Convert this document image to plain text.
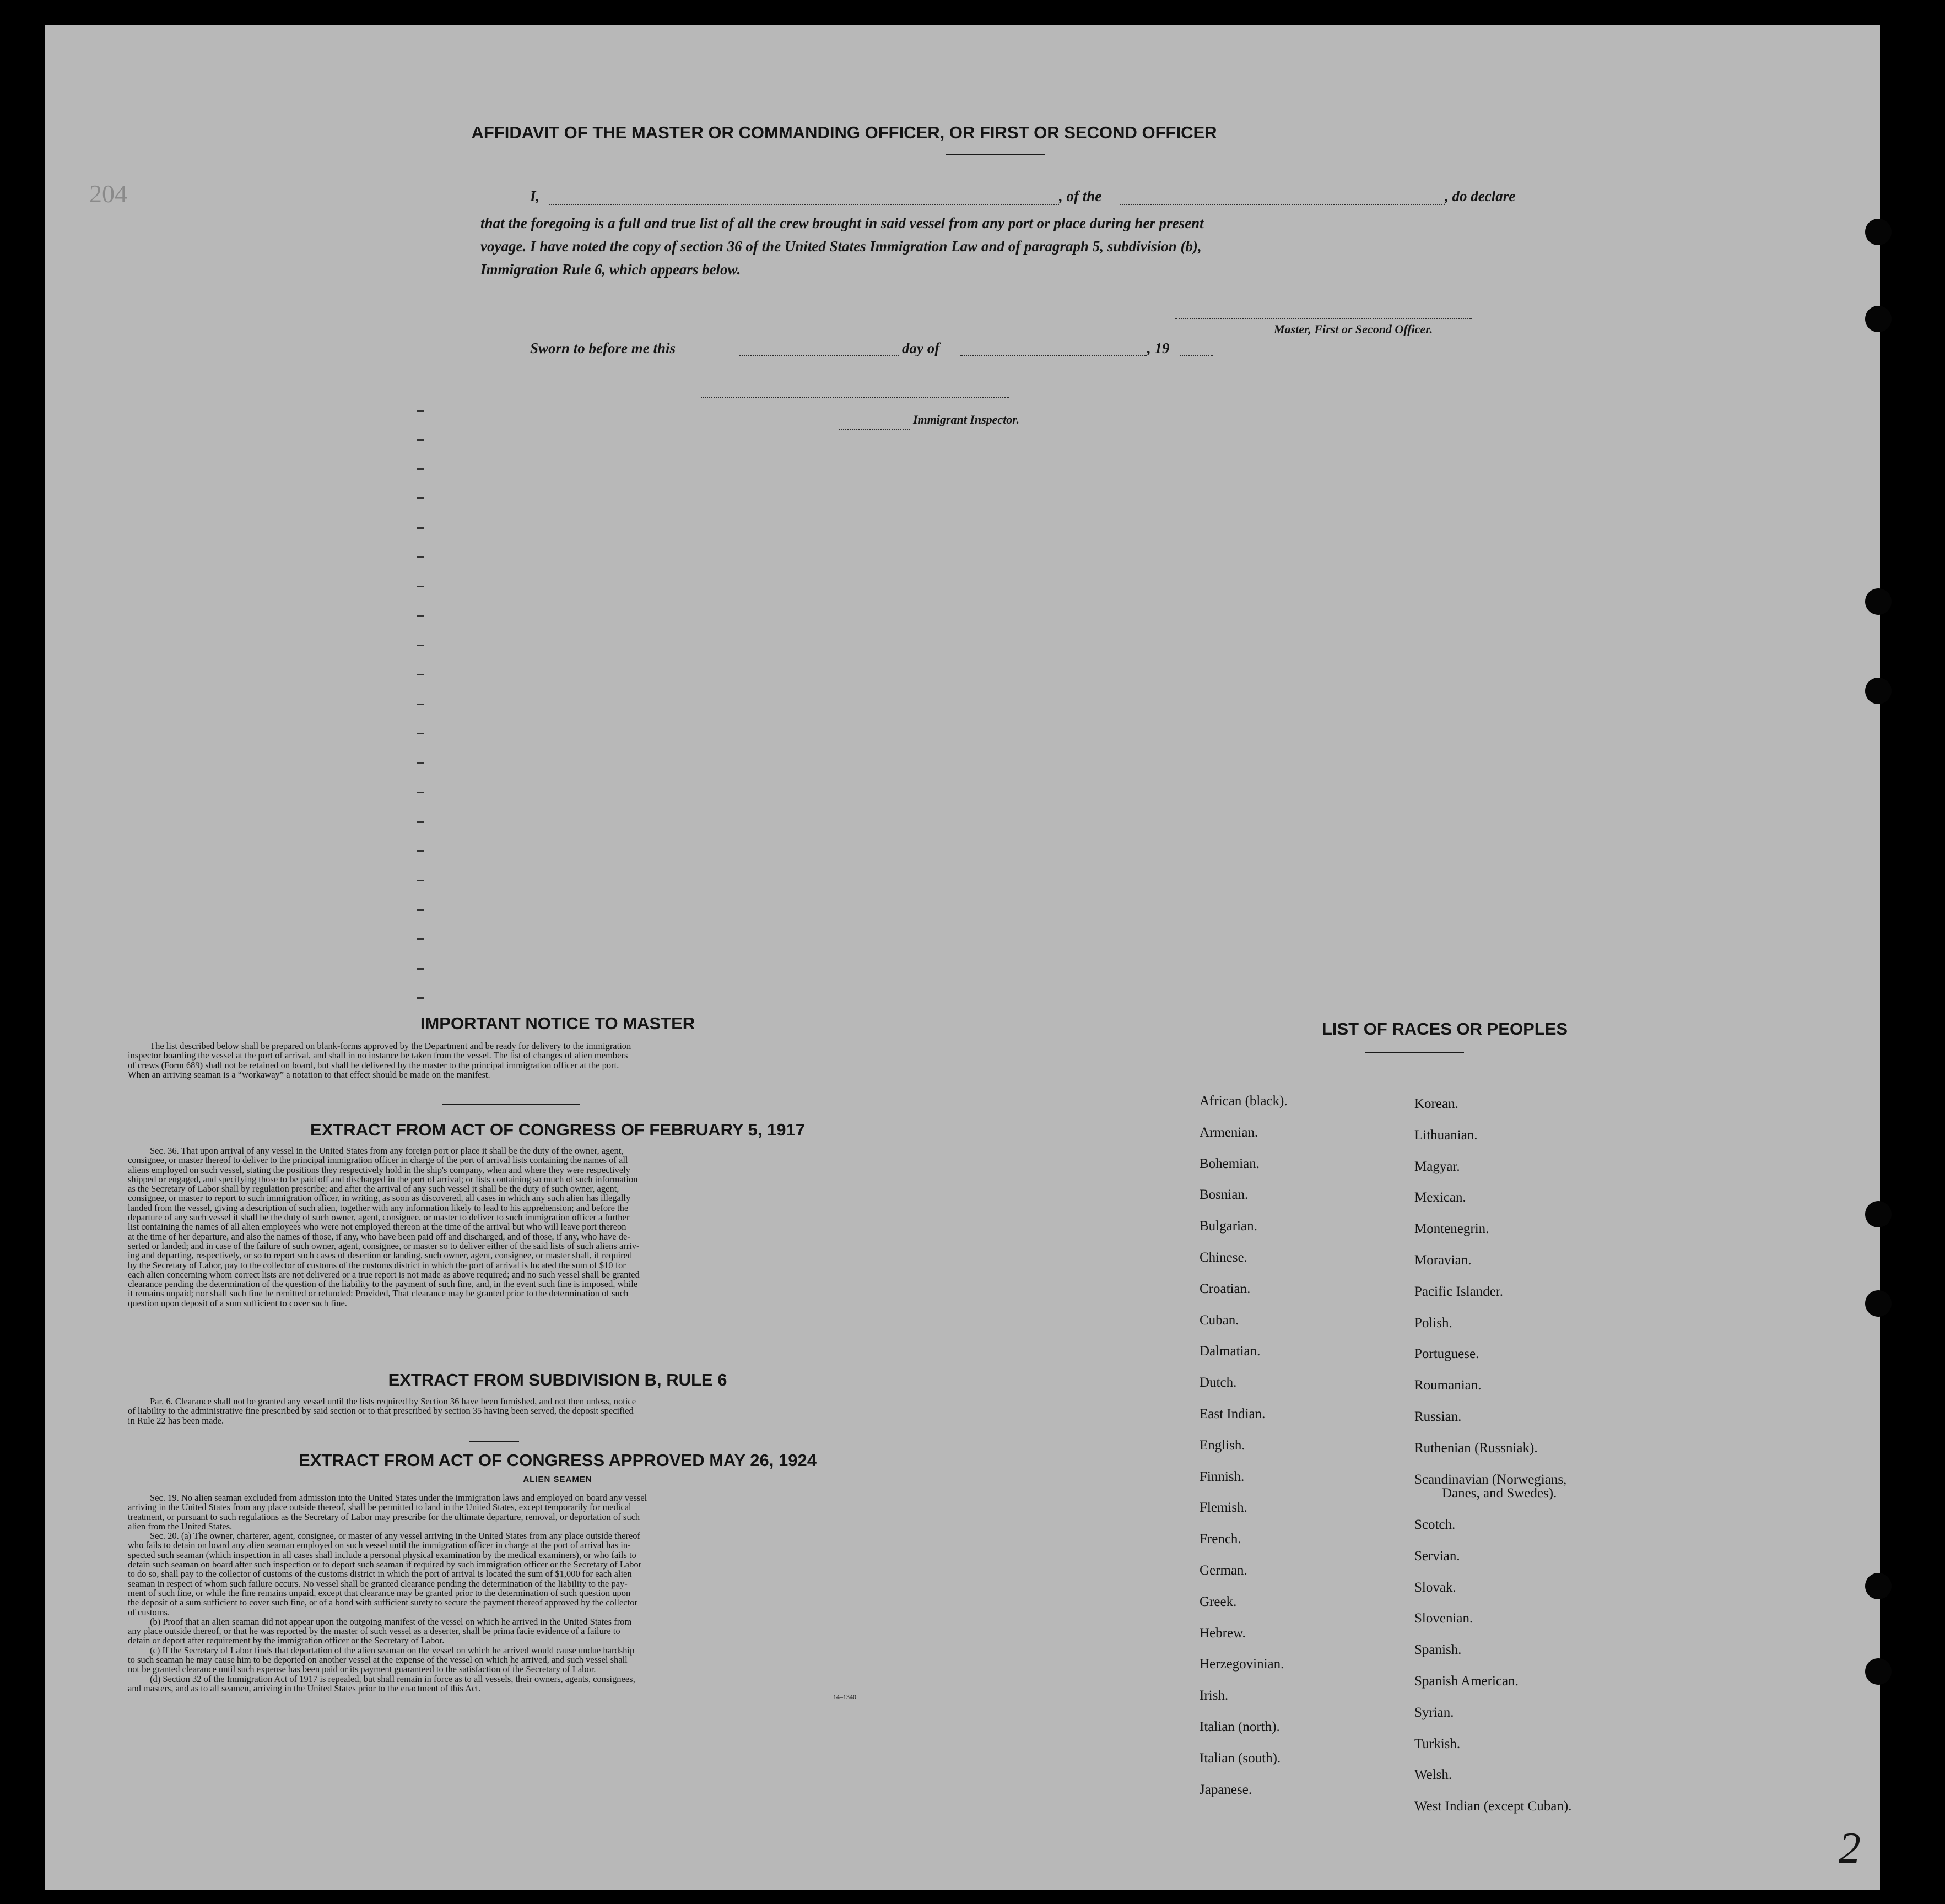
204
AFFIDAVIT OF THE MASTER OR COMMANDING OFFICER, OR FIRST OR SECOND OFFICER
I,	, of the	, do declare
that the foregoing is a full and true list of all the crew brought in said vessel from any port or place during her present
voyage. I have noted the copy of section 36 of the United States Immigration Law and of paragraph 5, subdivision (b),
Immigration Rule 6, which appears below.
Master, First or Second Officer.
Sworn to before me this	day of	, 19
Immigrant Inspector.
IMPORTANT NOTICE TO MASTER
The list described below shall be prepared on blank-forms approved by the Department and be ready for delivery to the immigration
inspector boarding the vessel at the port of arrival, and shall in no instance be taken from the vessel. The list of changes of alien members
of crews (Form 689) shall not be retained on board, but shall be delivered by the master to the principal immigration officer at the port.
When an arriving seaman is a “workaway” a notation to that effect should be made on the manifest.
EXTRACT FROM ACT OF CONGRESS OF FEBRUARY 5, 1917
Sec. 36. That upon arrival of any vessel in the United States from any foreign port or place it shall be the duty of the owner, agent,
consignee, or master thereof to deliver to the principal immigration officer in charge of the port of arrival lists containing the names of all
aliens employed on such vessel, stating the positions they respectively hold in the ship's company, when and where they were respectively
shipped or engaged, and specifying those to be paid off and discharged in the port of arrival; or lists containing so much of such information
as the Secretary of Labor shall by regulation prescribe; and after the arrival of any such vessel it shall be the duty of such owner, agent,
consignee, or master to report to such immigration officer, in writing, as soon as discovered, all cases in which any such alien has illegally
landed from the vessel, giving a description of such alien, together with any information likely to lead to his apprehension; and before the
departure of any such vessel it shall be the duty of such owner, agent, consignee, or master to deliver to such immigration officer a further
list containing the names of all alien employees who were not employed thereon at the time of the arrival but who will leave port thereon
at the time of her departure, and also the names of those, if any, who have been paid off and discharged, and of those, if any, who have de-
serted or landed; and in case of the failure of such owner, agent, consignee, or master so to deliver either of the said lists of such aliens arriv-
ing and departing, respectively, or so to report such cases of desertion or landing, such owner, agent, consignee, or master shall, if required
by the Secretary of Labor, pay to the collector of customs of the customs district in which the port of arrival is located the sum of $10 for
each alien concerning whom correct lists are not delivered or a true report is not made as above required; and no such vessel shall be granted
clearance pending the determination of the question of the liability to the payment of such fine, and, in the event such fine is imposed, while
it remains unpaid; nor shall such fine be remitted or refunded: Provided, That clearance may be granted prior to the determination of such
question upon deposit of a sum sufficient to cover such fine.
EXTRACT FROM SUBDIVISION B, RULE 6
Par. 6. Clearance shall not be granted any vessel until the lists required by Section 36 have been furnished, and not then unless, notice
of liability to the administrative fine prescribed by said section or to that prescribed by section 35 having been served, the deposit specified
in Rule 22 has been made.
EXTRACT FROM ACT OF CONGRESS APPROVED MAY 26, 1924
ALIEN SEAMEN
Sec. 19. No alien seaman excluded from admission into the United States under the immigration laws and employed on board any vessel
arriving in the United States from any place outside thereof, shall be permitted to land in the United States, except temporarily for medical
treatment, or pursuant to such regulations as the Secretary of Labor may prescribe for the ultimate departure, removal, or deportation of such
alien from the United States.
Sec. 20. (a) The owner, charterer, agent, consignee, or master of any vessel arriving in the United States from any place outside thereof
who fails to detain on board any alien seaman employed on such vessel until the immigration officer in charge at the port of arrival has in-
spected such seaman (which inspection in all cases shall include a personal physical examination by the medical examiners), or who fails to
detain such seaman on board after such inspection or to deport such seaman if required by such immigration officer or the Secretary of Labor
to do so, shall pay to the collector of customs of the customs district in which the port of arrival is located the sum of $1,000 for each alien
seaman in respect of whom such failure occurs. No vessel shall be granted clearance pending the determination of the liability to the pay-
ment of such fine, or while the fine remains unpaid, except that clearance may be granted prior to the determination of such question upon
the deposit of a sum sufficient to cover such fine, or of a bond with sufficient surety to secure the payment thereof approved by the collector
of customs.
(b) Proof that an alien seaman did not appear upon the outgoing manifest of the vessel on which he arrived in the United States from
any place outside thereof, or that he was reported by the master of such vessel as a deserter, shall be prima facie evidence of a failure to
detain or deport after requirement by the immigration officer or the Secretary of Labor.
(c) If the Secretary of Labor finds that deportation of the alien seaman on the vessel on which he arrived would cause undue hardship
to such seaman he may cause him to be deported on another vessel at the expense of the vessel on which he arrived, and such vessel shall
not be granted clearance until such expense has been paid or its payment guaranteed to the satisfaction of the Secretary of Labor.
(d) Section 32 of the Immigration Act of 1917 is repealed, but shall remain in force as to all vessels, their owners, agents, consignees,
and masters, and as to all seamen, arriving in the United States prior to the enactment of this Act.
14–1340
LIST OF RACES OR PEOPLES
2
African (black).
Armenian.
Bohemian.
Bosnian.
Bulgarian.
Chinese.
Croatian.
Cuban.
Dalmatian.
Dutch.
East Indian.
English.
Finnish.
Flemish.
French.
German.
Greek.
Hebrew.
Herzegovinian.
Irish.
Italian (north).
Italian (south).
Japanese.
Korean.
Lithuanian.
Magyar.
Mexican.
Montenegrin.
Moravian.
Pacific Islander.
Polish.
Portuguese.
Roumanian.
Russian.
Ruthenian (Russniak).
Scandinavian (Norwegians,
Danes, and Swedes).
Scotch.
Servian.
Slovak.
Slovenian.
Spanish.
Spanish American.
Syrian.
Turkish.
Welsh.
West Indian (except Cuban).
